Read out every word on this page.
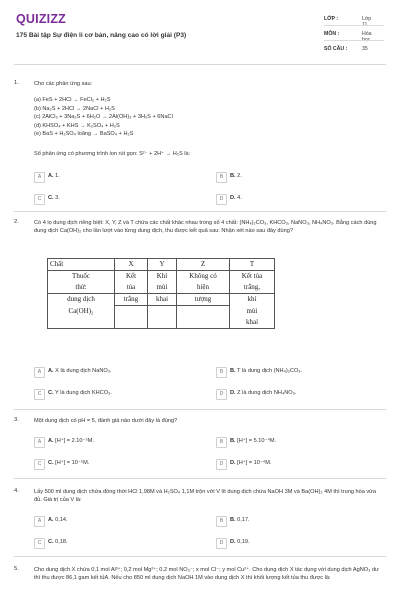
QUIZIZZ
175 Bài tập Sự điện li cơ bản, nâng cao có lời giải (P3)
LỚP :	Lớp 11
MÔN :	Hóa học
SỐ CÂU :	35
1.	Cho các phản ứng sau:
(a) FeS + 2HCl → FeCl₂ + H₂S
(b) Na₂S + 2HCl → 2NaCl + H₂S
(c) 2AlCl₃ + 3Na₂S + 6H₂O → 2Al(OH)₃ + 3H₂S + 6NaCl
(d) KHSO₄ + KHS → K₂SO₄ + H₂S
(e) BaS + H₂SO₄ loãng → BaSO₄ + H₂S
Số phản ứng có phương trình ion rút gọn: S²⁻ + 2H⁺ → H₂S là:
A	A. 1.	B	B. 2.
C	C. 3.	D	D. 4.
2.	Có 4 lọ dung dịch riêng biệt: X, Y, Z và T chứa các chất khác nhau trong số 4 chất: (NH₄)₂CO₃, KHCO₃, NaNO₃, NH₄NO₃. Bằng cách dùng dung dịch Ca(OH)₂ cho lần lượt vào từng dung dịch, thu được kết quả sau: Nhận xét nào sau đây đúng?
Chất	X	Y	Z	T
Thuốc	Kết	Khí	Không có	Kết tủa
thử:	tủa	mùi	hiện	trắng,
dung dịch	trắng	khai	tượng	khí
Ca(OH)₂				mùi
				khai
A	A. X là dung dịch NaNO₃.	B	B. T là dung dịch (NH₄)₂CO₃.
C	C. Y là dung dịch KHCO₃.	D	D. Z là dung dịch NH₄NO₃.
3.	Một dung dịch có pH = 5, đánh giá nào dưới đây là đúng?
A	A. [H⁺] = 2.10⁻⁵M.	B	B. [H⁺] = 5.10⁻⁴M.
C	C. [H⁺] = 10⁻⁵M.	D	D. [H⁺] = 10⁻⁴M.
4.	Lấy 500 ml dung dịch chứa đồng thời HCl 1,98M và H₂SO₄ 1,1M trộn với V lít dung dịch chứa NaOH 3M và Ba(OH)₂ 4M thì trung hòa vừa đủ. Giá trị của V là:
A	A. 0,14.	B	B. 0,17.
C	C. 0,18.	D	D. 0,19.
5.	Cho dung dịch X chứa 0,1 mol Al³⁺; 0,2 mol Mg²⁺; 0,2 mol NO₃⁻; x mol Cl⁻; y mol Cu²⁺. Cho dung dịch X tác dụng với dung dịch AgNO₃ dư thì thu được 86,1 gam kết tủA. Nếu cho 850 ml dung dịch NaOH 1M vào dung dịch X thì khối lượng kết tủa thu được là:
